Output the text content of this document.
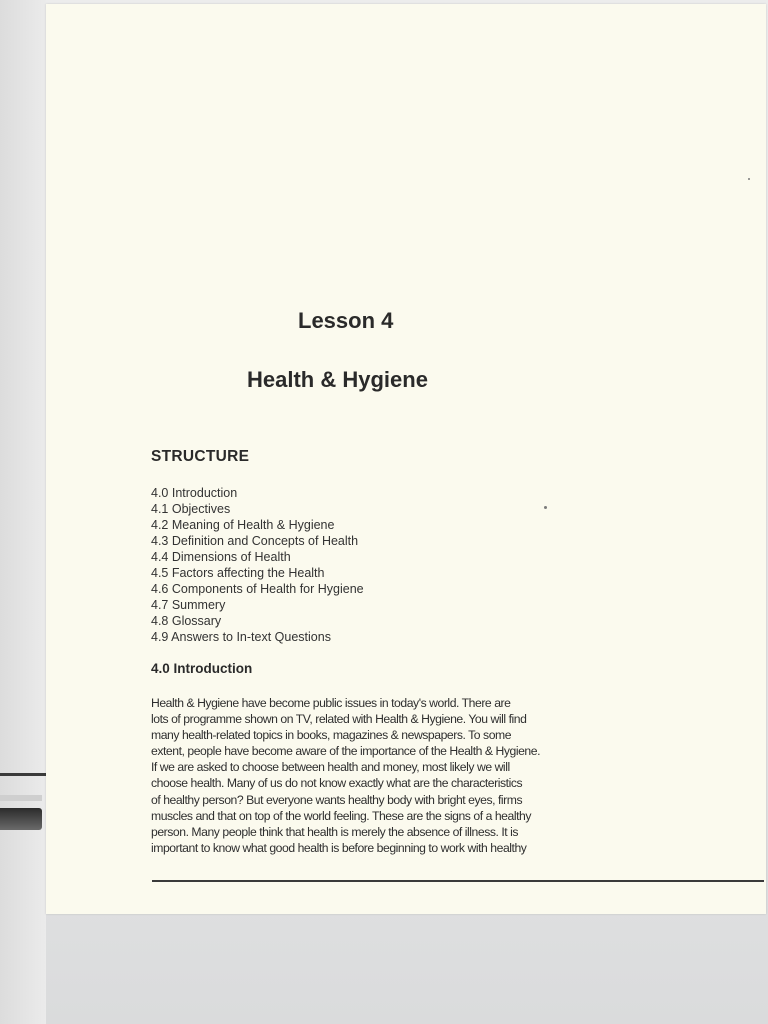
Lesson 4
Health & Hygiene
STRUCTURE
4.0 Introduction
4.1 Objectives
4.2 Meaning of Health & Hygiene
4.3 Definition and Concepts of Health
4.4 Dimensions of Health
4.5 Factors affecting the Health
4.6 Components of Health for Hygiene
4.7 Summery
4.8 Glossary
4.9 Answers to In-text Questions
4.0 Introduction

Health & Hygiene have become public issues in today's world. There are
lots of programme shown on TV, related with Health & Hygiene. You will find
many health-related topics in books, magazines & newspapers. To some
extent, people have become aware of the importance of the Health & Hygiene.
If we are asked to choose between health and money, most likely we will
choose health. Many of us do not know exactly what are the characteristics
of healthy person? But everyone wants healthy body with bright eyes, firms
muscles and that on top of the world feeling. These are the signs of a healthy
person. Many people think that health is merely the absence of illness. It is
important to know what good health is before beginning to work with healthy
